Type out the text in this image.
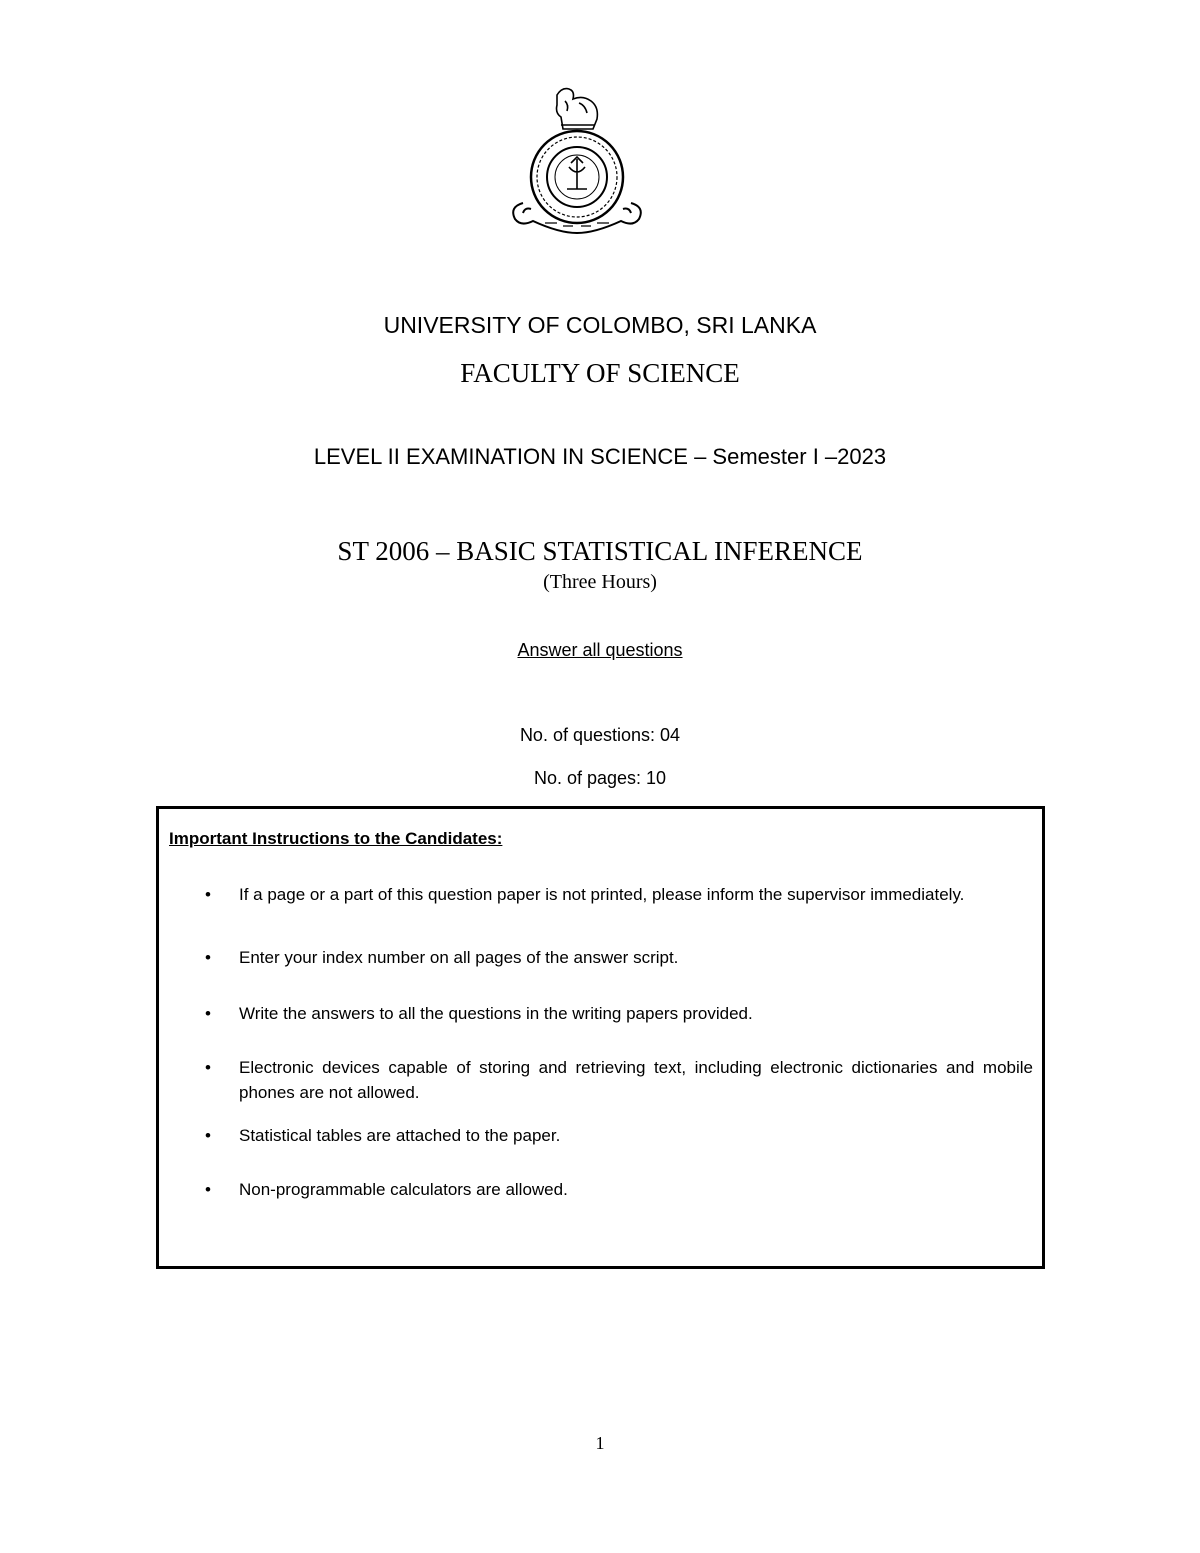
UNIVERSITY OF COLOMBO, SRI LANKA
FACULTY OF SCIENCE
LEVEL II EXAMINATION IN SCIENCE – Semester I –2023
ST 2006 – BASIC STATISTICAL INFERENCE
(Three Hours)
Answer all questions
No. of questions: 04
No. of pages: 10
Important Instructions to the Candidates:
• If a page or a part of this question paper is not printed, please inform the supervisor immediately.
• Enter your index number on all pages of the answer script.
• Write the answers to all the questions in the writing papers provided.
• Electronic devices capable of storing and retrieving text, including electronic dictionaries and mobile phones are not allowed.
• Statistical tables are attached to the paper.
• Non-programmable calculators are allowed.
1
